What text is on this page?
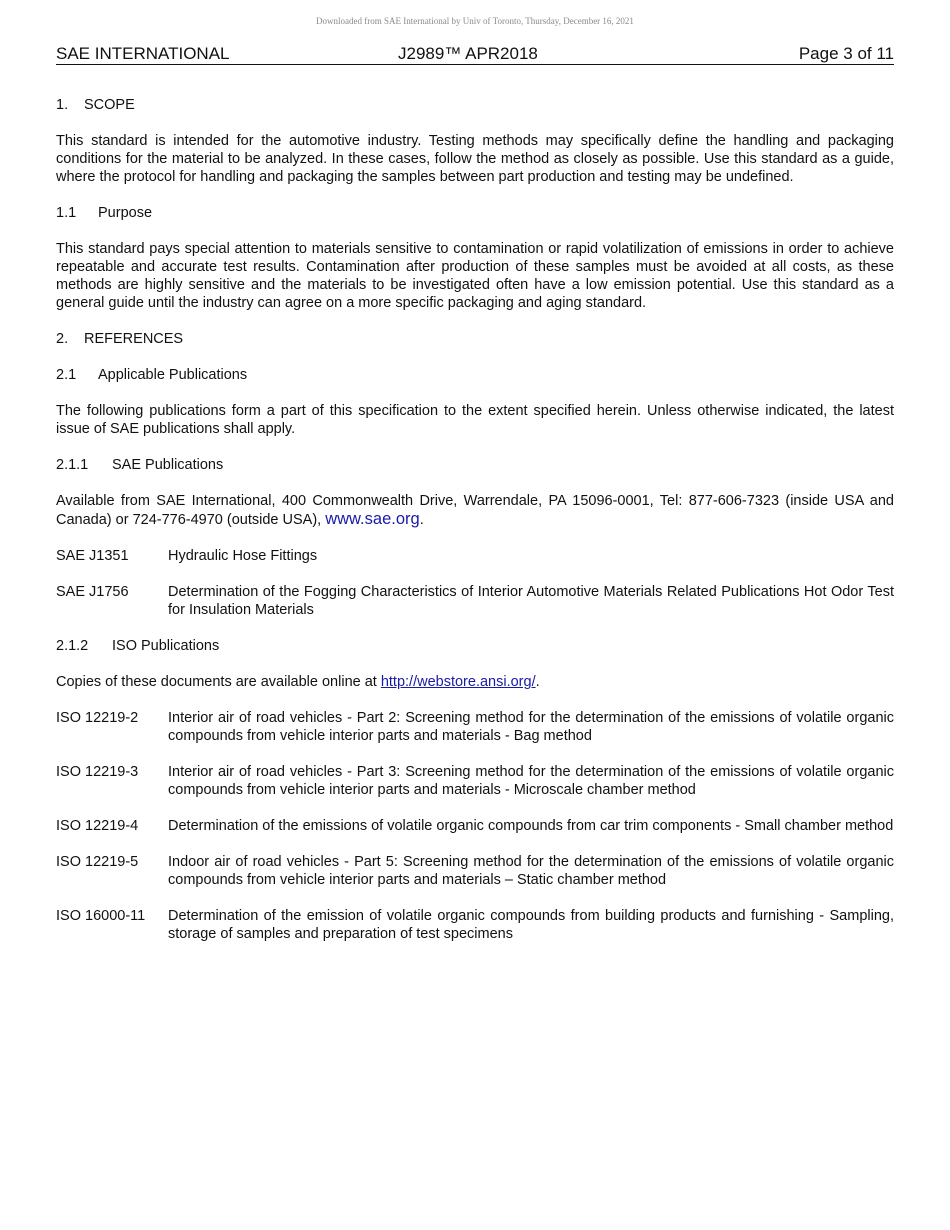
Downloaded from SAE International by Univ of Toronto, Thursday, December 16, 2021
SAE INTERNATIONAL	J2989™ APR2018	Page 3 of 11
1.	SCOPE

This standard is intended for the automotive industry. Testing methods may specifically define the handling and packaging conditions for the material to be analyzed. In these cases, follow the method as closely as possible. Use this standard as a guide, where the protocol for handling and packaging the samples between part production and testing may be undefined.

1.1	Purpose

This standard pays special attention to materials sensitive to contamination or rapid volatilization of emissions in order to achieve repeatable and accurate test results. Contamination after production of these samples must be avoided at all costs, as these methods are highly sensitive and the materials to be investigated often have a low emission potential. Use this standard as a general guide until the industry can agree on a more specific packaging and aging standard.

2.	REFERENCES
2.1	Applicable Publications

The following publications form a part of this specification to the extent specified herein. Unless otherwise indicated, the latest issue of SAE publications shall apply.

2.1.1	SAE Publications

Available from SAE International, 400 Commonwealth Drive, Warrendale, PA 15096-0001, Tel: 877-606-7323 (inside USA and Canada) or 724-776-4970 (outside USA), www.sae.org.

SAE J1351	Hydraulic Hose Fittings
SAE J1756	Determination of the Fogging Characteristics of Interior Automotive Materials Related Publications Hot Odor Test for Insulation Materials
2.1.2	ISO Publications

Copies of these documents are available online at http://webstore.ansi.org/.

ISO 12219-2	Interior air of road vehicles - Part 2: Screening method for the determination of the emissions of volatile organic compounds from vehicle interior parts and materials - Bag method
ISO 12219-3	Interior air of road vehicles - Part 3: Screening method for the determination of the emissions of volatile organic compounds from vehicle interior parts and materials - Microscale chamber method
ISO 12219-4	Determination of the emissions of volatile organic compounds from car trim components - Small chamber method
ISO 12219-5	Indoor air of road vehicles - Part 5: Screening method for the determination of the emissions of volatile organic compounds from vehicle interior parts and materials – Static chamber method
ISO 16000-11	Determination of the emission of volatile organic compounds from building products and furnishing - Sampling, storage of samples and preparation of test specimens
